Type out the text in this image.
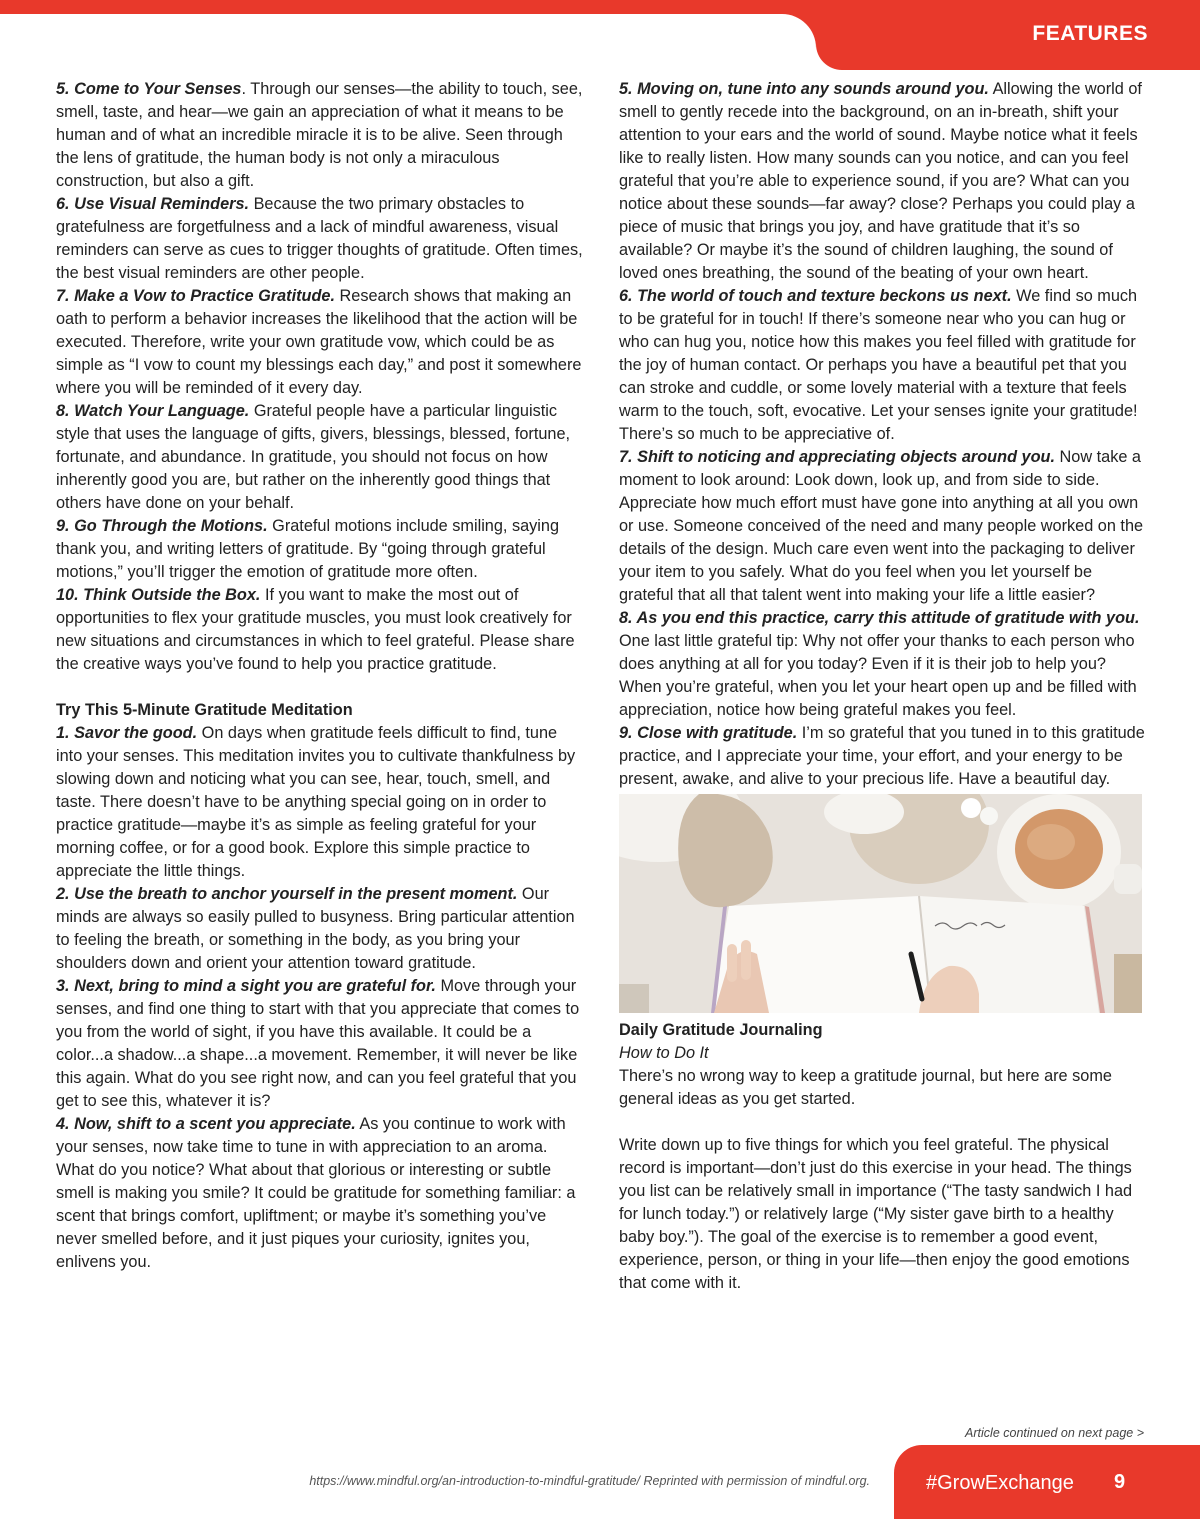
FEATURES

5. Come to Your Senses. Through our senses—the ability to touch, see, smell, taste, and hear—we gain an appreciation of what it means to be human and of what an incredible miracle it is to be alive. Seen through the lens of gratitude, the human body is not only a miraculous construction, but also a gift.

6. Use Visual Reminders. Because the two primary obstacles to gratefulness are forgetfulness and a lack of mindful awareness, visual reminders can serve as cues to trigger thoughts of gratitude. Often times, the best visual reminders are other people.

7. Make a Vow to Practice Gratitude. Research shows that making an oath to perform a behavior increases the likelihood that the action will be executed. Therefore, write your own gratitude vow, which could be as simple as “I vow to count my blessings each day,” and post it somewhere where you will be reminded of it every day.

8. Watch Your Language. Grateful people have a particular linguistic style that uses the language of gifts, givers, blessings, blessed, fortune, fortunate, and abundance. In gratitude, you should not focus on how inherently good you are, but rather on the inherently good things that others have done on your behalf.

9. Go Through the Motions. Grateful motions include smiling, saying thank you, and writing letters of gratitude. By “going through grateful motions,” you’ll trigger the emotion of gratitude more often.

10. Think Outside the Box. If you want to make the most out of opportunities to flex your gratitude muscles, you must look creatively for new situations and circumstances in which to feel grateful. Please share the creative ways you’ve found to help you practice gratitude.

Try This 5-Minute Gratitude Meditation

1. Savor the good. On days when gratitude feels difficult to find, tune into your senses. This meditation invites you to cultivate thankfulness by slowing down and noticing what you can see, hear, touch, smell, and taste. There doesn’t have to be anything special going on in order to practice gratitude—maybe it’s as simple as feeling grateful for your morning coffee, or for a good book. Explore this simple practice to appreciate the little things.

2. Use the breath to anchor yourself in the present moment. Our minds are always so easily pulled to busyness. Bring particular attention to feeling the breath, or something in the body, as you bring your shoulders down and orient your attention toward gratitude.

3. Next, bring to mind a sight you are grateful for. Move through your senses, and find one thing to start with that you appreciate that comes to you from the world of sight, if you have this available. It could be a color...a shadow...a shape...a movement. Remember, it will never be like this again. What do you see right now, and can you feel grateful that you get to see this, whatever it is?

4. Now, shift to a scent you appreciate. As you continue to work with your senses, now take time to tune in with appreciation to an aroma. What do you notice? What about that glorious or interesting or subtle smell is making you smile? It could be gratitude for something familiar: a scent that brings comfort, upliftment; or maybe it’s something you’ve never smelled before, and it just piques your curiosity, ignites you, enlivens you.

5. Moving on, tune into any sounds around you. Allowing the world of smell to gently recede into the background, on an in-breath, shift your attention to your ears and the world of sound. Maybe notice what it feels like to really listen. How many sounds can you notice, and can you feel grateful that you’re able to experience sound, if you are? What can you notice about these sounds—far away? close? Perhaps you could play a piece of music that brings you joy, and have gratitude that it’s so available? Or maybe it’s the sound of children laughing, the sound of loved ones breathing, the sound of the beating of your own heart.

6. The world of touch and texture beckons us next. We find so much to be grateful for in touch! If there’s someone near who you can hug or who can hug you, notice how this makes you feel filled with gratitude for the joy of human contact. Or perhaps you have a beautiful pet that you can stroke and cuddle, or some lovely material with a texture that feels warm to the touch, soft, evocative. Let your senses ignite your gratitude! There’s so much to be appreciative of.

7. Shift to noticing and appreciating objects around you. Now take a moment to look around: Look down, look up, and from side to side. Appreciate how much effort must have gone into anything at all you own or use. Someone conceived of the need and many people worked on the details of the design. Much care even went into the packaging to deliver your item to you safely. What do you feel when you let yourself be grateful that all that talent went into making your life a little easier?

8. As you end this practice, carry this attitude of gratitude with you. One last little grateful tip: Why not offer your thanks to each person who does anything at all for you today? Even if it is their job to help you? When you’re grateful, when you let your heart open up and be filled with appreciation, notice how being grateful makes you feel.

9. Close with gratitude. I’m so grateful that you tuned in to this gratitude practice, and I appreciate your time, your effort, and your energy to be present, awake, and alive to your precious life. Have a beautiful day.

Daily Gratitude Journaling

How to Do It

There’s no wrong way to keep a gratitude journal, but here are some general ideas as you get started.

Write down up to five things for which you feel grateful. The physical record is important—don’t just do this exercise in your head. The things you list can be relatively small in importance (“The tasty sandwich I had for lunch today.”) or relatively large (“My sister gave birth to a healthy baby boy.”). The goal of the exercise is to remember a good event, experience, person, or thing in your life—then enjoy the good emotions that come with it.

Article continued on next page >
https://www.mindful.org/an-introduction-to-mindful-gratitude/ Reprinted with permission of mindful.org.	#GrowExchange 9
